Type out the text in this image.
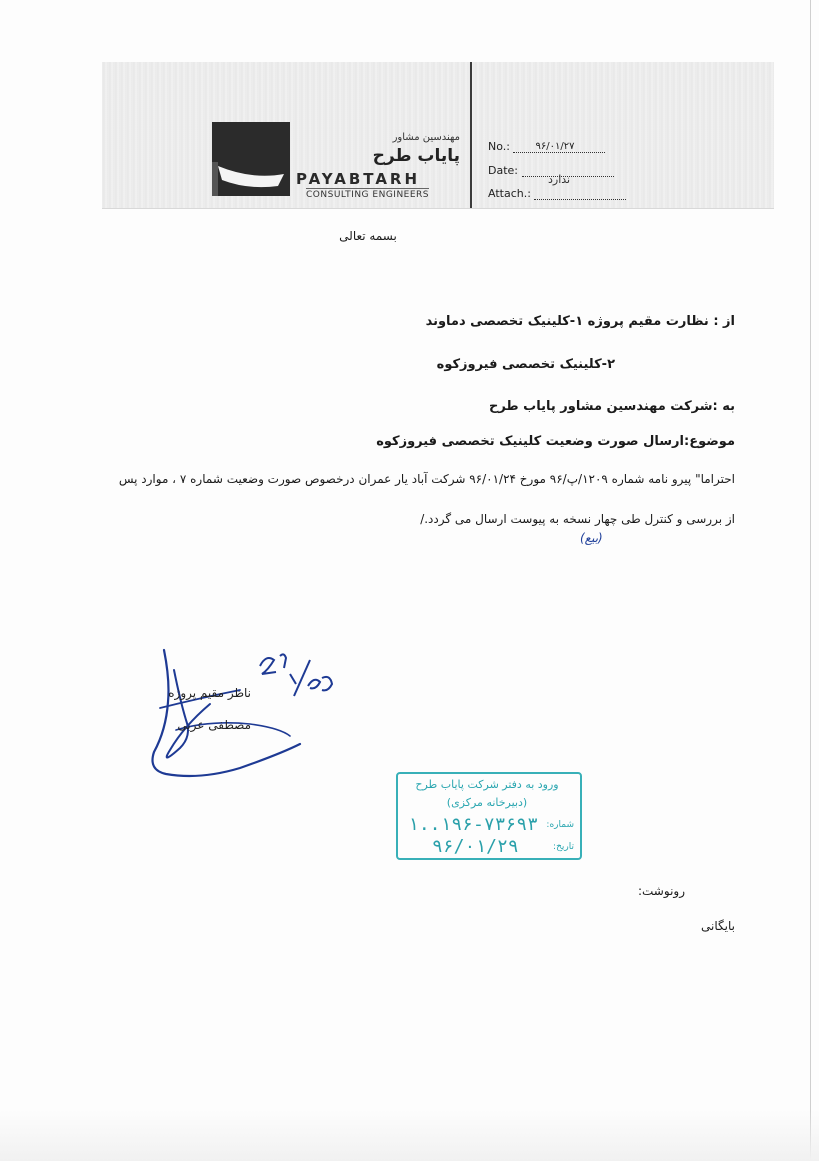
مهندسین مشاور
پایاب طرح
PAYABTARH
CONSULTING ENGINEERS
No.:	۹۶/۰۱/۲۷
Date:
Attach.:
ندارد
بسمه تعالی
از : نظارت مقیم پروژه ۱-کلینیک تخصصی دماوند
۲-کلینیک تخصصی فیروزکوه
به :شرکت مهندسین مشاور پایاب طرح
موضوع:ارسال صورت وضعیت کلینیک تخصصی فیروزکوه
احتراما" پیرو نامه شماره ۱۲۰۹/پ/۹۶ مورخ ۹۶/۰۱/۲۴ شرکت آباد یار عمران درخصوص صورت وضعیت شماره ۷ ، موارد پس
از بررسی و کنترل طی چهار نسخه به پیوست ارسال می گردد./
(بیع)
ناظر مقیم پروژه
مصطفی عربی
ورود به دفتر شرکت پایاب طرح
(دبیرخانه مرکزی)
شماره:
تاریخ:
۱..۱۹۶-۷۳۶۹۳
۹۶/۰۱/۲۹
رونوشت:
بایگانی
